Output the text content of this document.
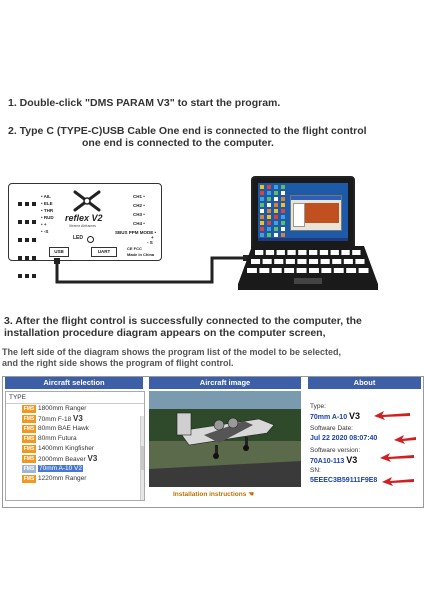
1. Double-click "DMS PARAM V3" to start the program.
2. Type C (TYPE-C)USB Cable One end is connected to the flight control
one end is connected to the computer.

• AIL
• ELE
• THR
• RUD
• +
• -S
reflex V2
Xtreme Airframes
LED
CH1 •
CH2 •
CH3 •
CH4 •
SBUS PPM MODE •
+
- S
USB	UART
CE FCC
Made in China
3. After the flight control is successfully connected to the computer, the
installation procedure diagram appears on the computer screen,
The left side of the diagram shows the program list of the model to be selected,
and the right side shows the program of flight control.
Aircraft selection	Aircraft image	About
TYPE
FMS 1800mm Ranger
FMS 70mm F-18 V3
FMS 80mm BAE Hawk
FMS 80mm Futura
FMS 1400mm Kingfisher
FMS 2000mm Beaver V3
FMS 70mm A-10 V2
FMS 1220mm Ranger
Installation instructions ☚
Type:
70mm A-10 V3
Software Date:
Jul 22 2020 08:07:40
Software version:
70A10-113 V3
SN:
5EEEC3B59111F9E8
